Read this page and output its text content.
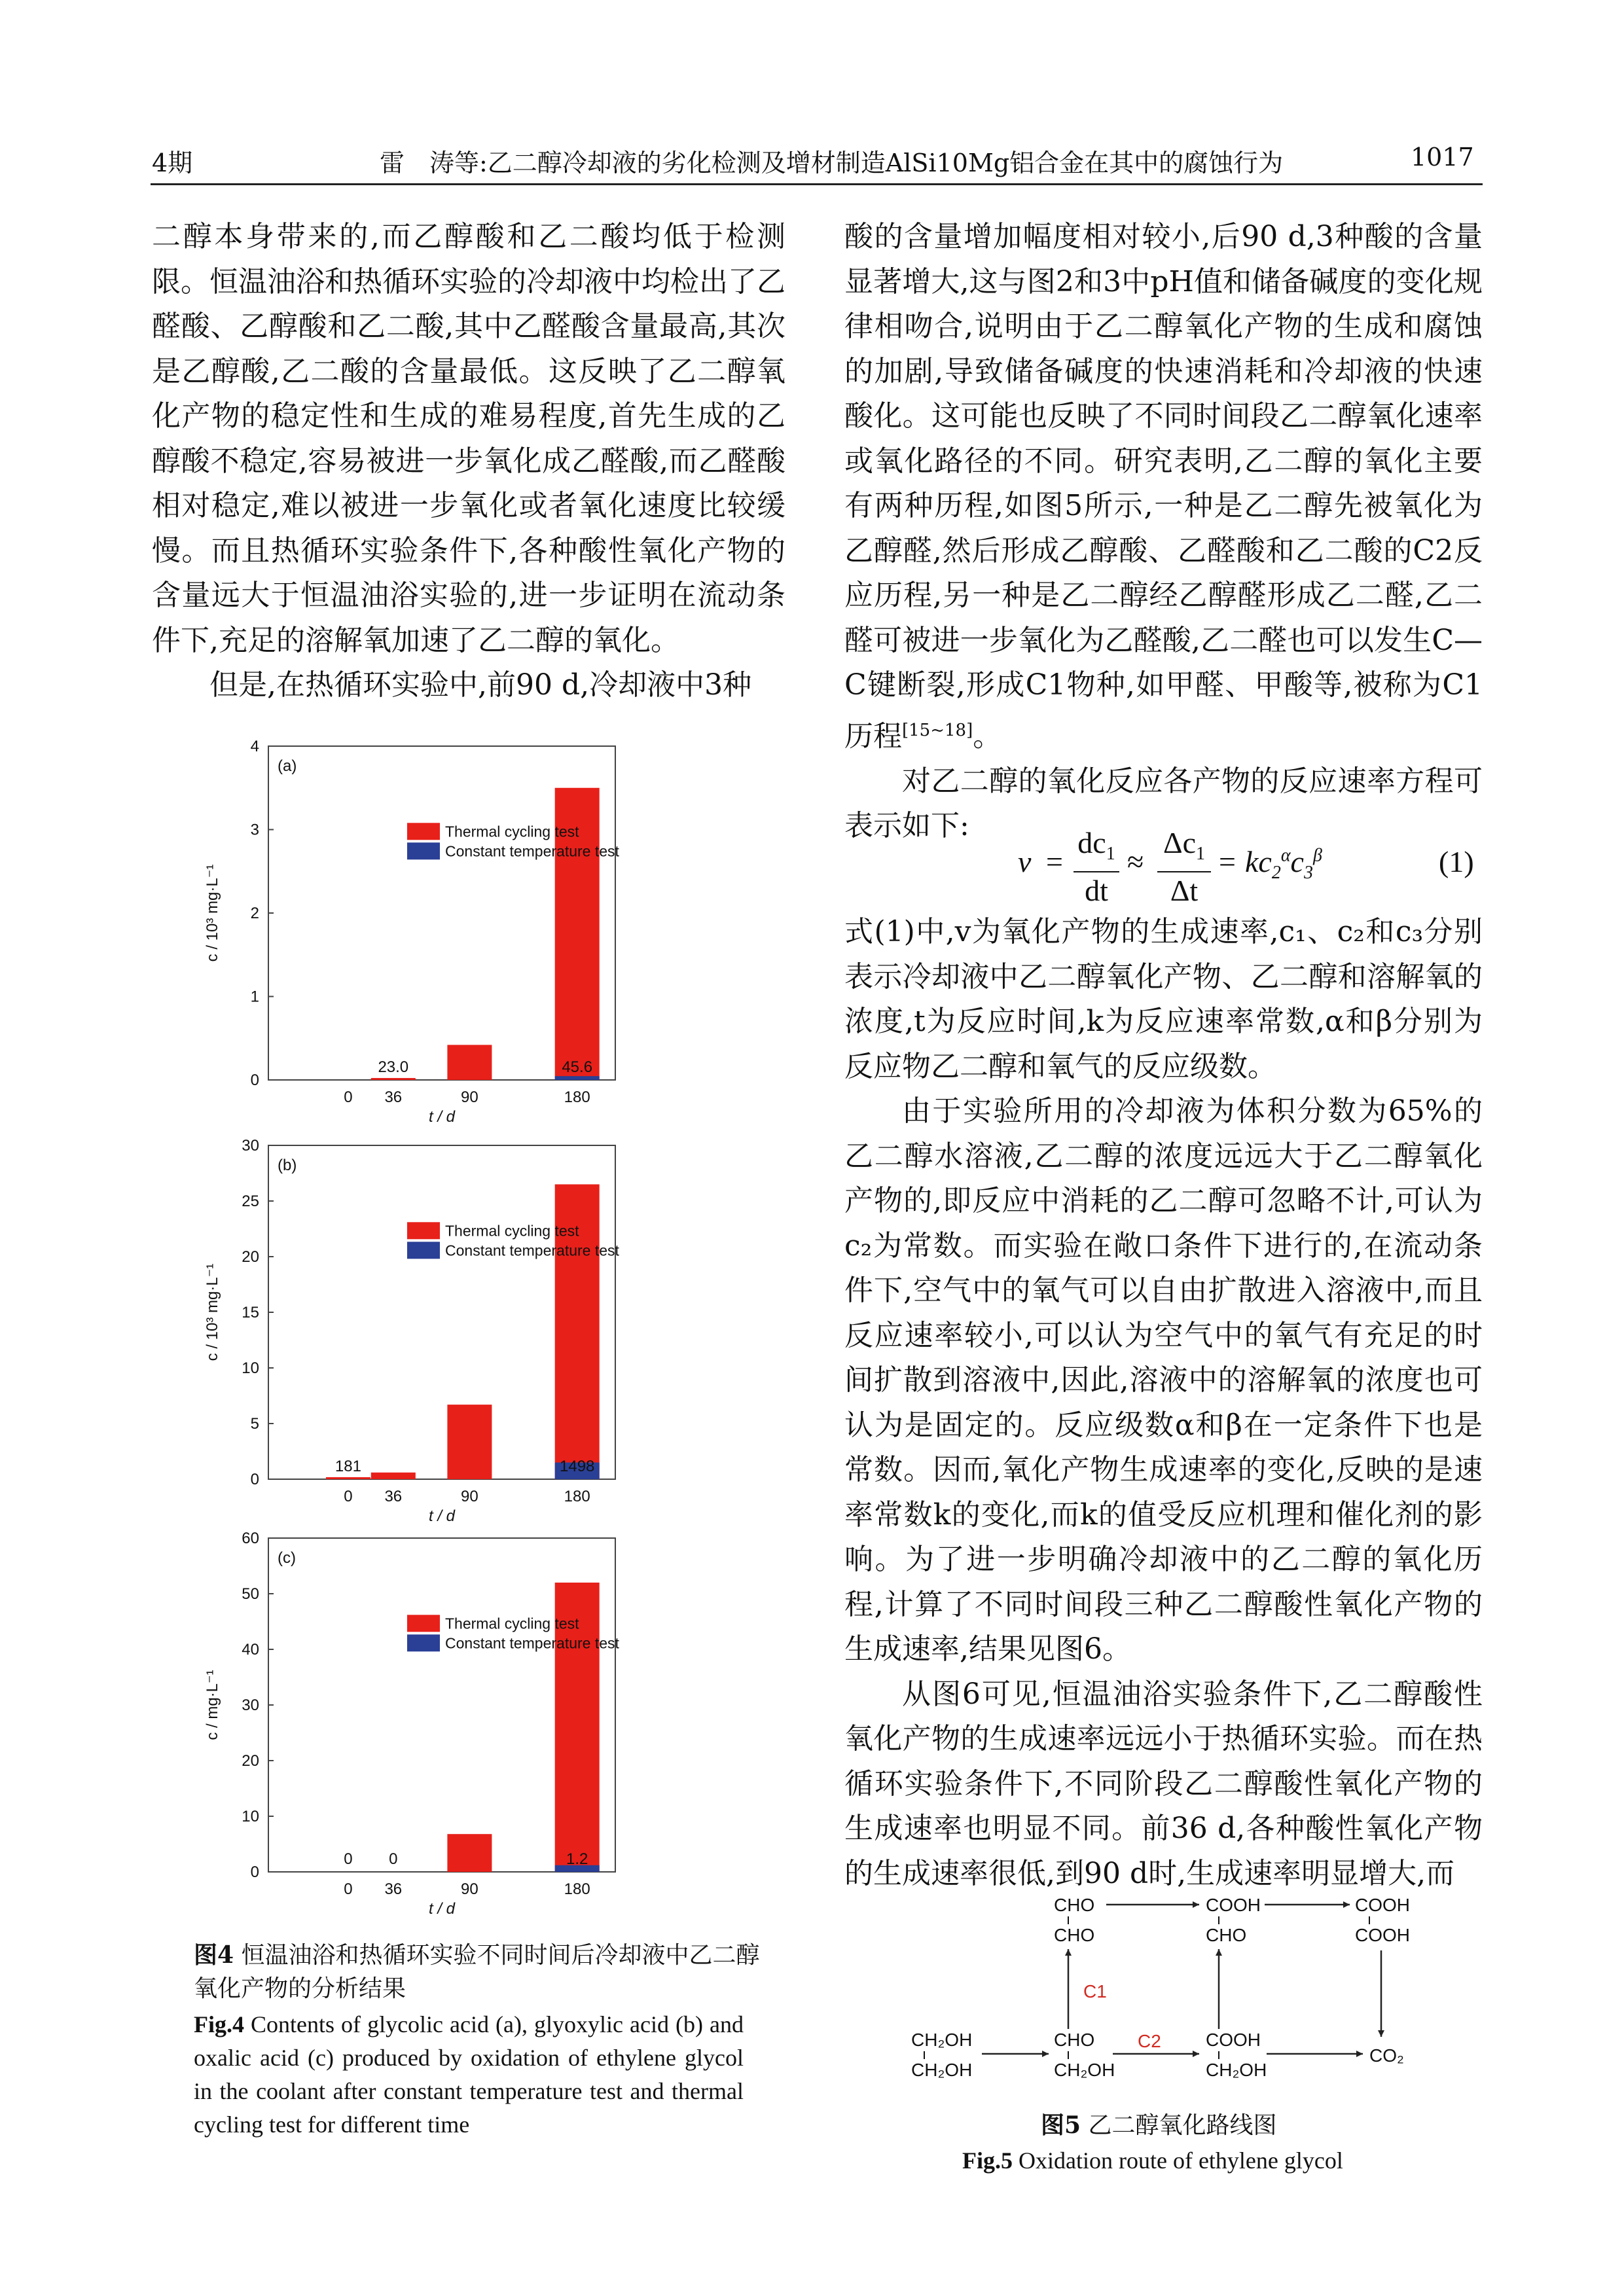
4期	雷　涛等:乙二醇冷却液的劣化检测及增材制造AlSi10Mg铝合金在其中的腐蚀行为	1017

二醇本身带来的,而乙醇酸和乙二酸均低于检测限。恒温油浴和热循环实验的冷却液中均检出了乙醛酸、乙醇酸和乙二酸,其中乙醛酸含量最高,其次是乙醇酸,乙二酸的含量最低。这反映了乙二醇氧化产物的稳定性和生成的难易程度,首先生成的乙醇酸不稳定,容易被进一步氧化成乙醛酸,而乙醛酸相对稳定,难以被进一步氧化或者氧化速度比较缓慢。而且热循环实验条件下,各种酸性氧化产物的含量远大于恒温油浴实验的,进一步证明在流动条件下,充足的溶解氧加速了乙二醇的氧化。

但是,在热循环实验中,前90 d,冷却液中3种

0
1
2
3
4
0 36	90	180
t / d
c / 10³ mg·L⁻¹
(a)
23.0	45.6
Thermal cycling test
Constant temperature test
0
5
10
15
20
25
30
0 36	90	180
t / d
c / 10³ mg·L⁻¹
(b)
181	1498
Thermal cycling test
Constant temperature test
0
10
20
30
40
50
60
0 36	90	180
t / d
c / mg·L⁻¹
(c)
0 0	1.2
Thermal cycling test
Constant temperature test
图4 恒温油浴和热循环实验不同时间后冷却液中乙二醇氧化产物的分析结果
Fig.4 Contents of glycolic acid (a), glyoxylic acid (b) and oxalic acid (c) produced by oxidation of ethylene glycol in the coolant after constant temperature test and thermal cycling test for different time

酸的含量增加幅度相对较小,后90 d,3种酸的含量显著增大,这与图2和3中pH值和储备碱度的变化规律相吻合,说明由于乙二醇氧化产物的生成和腐蚀的加剧,导致储备碱度的快速消耗和冷却液的快速酸化。这可能也反映了不同时间段乙二醇氧化速率或氧化路径的不同。研究表明,乙二醇的氧化主要有两种历程,如图5所示,一种是乙二醇先被氧化为乙醇醛,然后形成乙醇酸、乙醛酸和乙二酸的C2反应历程,另一种是乙二醇经乙醇醛形成乙二醛,乙二醛可被进一步氧化为乙醛酸,乙二醛也可以发生C—C键断裂,形成C1物种,如甲醛、甲酸等,被称为C1历程[15~18]。

对乙二醇的氧化反应各产物的反应速率方程可表示如下:

v =
$dc_1$
dt
≈
$\Delta c_1$
Δt
= $kc_2^\alpha c_3^\beta$	(1)

式(1)中,v为氧化产物的生成速率,c₁、c₂和c₃分别表示冷却液中乙二醇氧化产物、乙二醇和溶解氧的浓度,t为反应时间,k为反应速率常数,α和β分别为反应物乙二醇和氧气的反应级数。

由于实验所用的冷却液为体积分数为65%的乙二醇水溶液,乙二醇的浓度远远大于乙二醇氧化产物的,即反应中消耗的乙二醇可忽略不计,可认为c₂为常数。而实验在敞口条件下进行的,在流动条件下,空气中的氧气可以自由扩散进入溶液中,而且反应速率较小,可以认为空气中的氧气有充足的时间扩散到溶液中,因此,溶液中的溶解氧的浓度也可认为是固定的。反应级数α和β在一定条件下也是常数。因而,氧化产物生成速率的变化,反映的是速率常数k的变化,而k的值受反应机理和催化剂的影响。为了进一步明确冷却液中的乙二醇的氧化历程,计算了不同时间段三种乙二醇酸性氧化产物的生成速率,结果见图6。

从图6可见,恒温油浴实验条件下,乙二醇酸性氧化产物的生成速率远远小于热循环实验。而在热循环实验条件下,不同阶段乙二醇酸性氧化产物的生成速率也明显不同。前36 d,各种酸性氧化产物的生成速率很低,到90 d时,生成速率明显增大,而

CHO
CHO
COOH
CHO
COOH
COOH
CH₂OH
CH₂OH
CHO
CH₂OH
COOH
CH₂OH
CO₂
C1
C2
图5 乙二醇氧化路线图
Fig.5 Oxidation route of ethylene glycol
